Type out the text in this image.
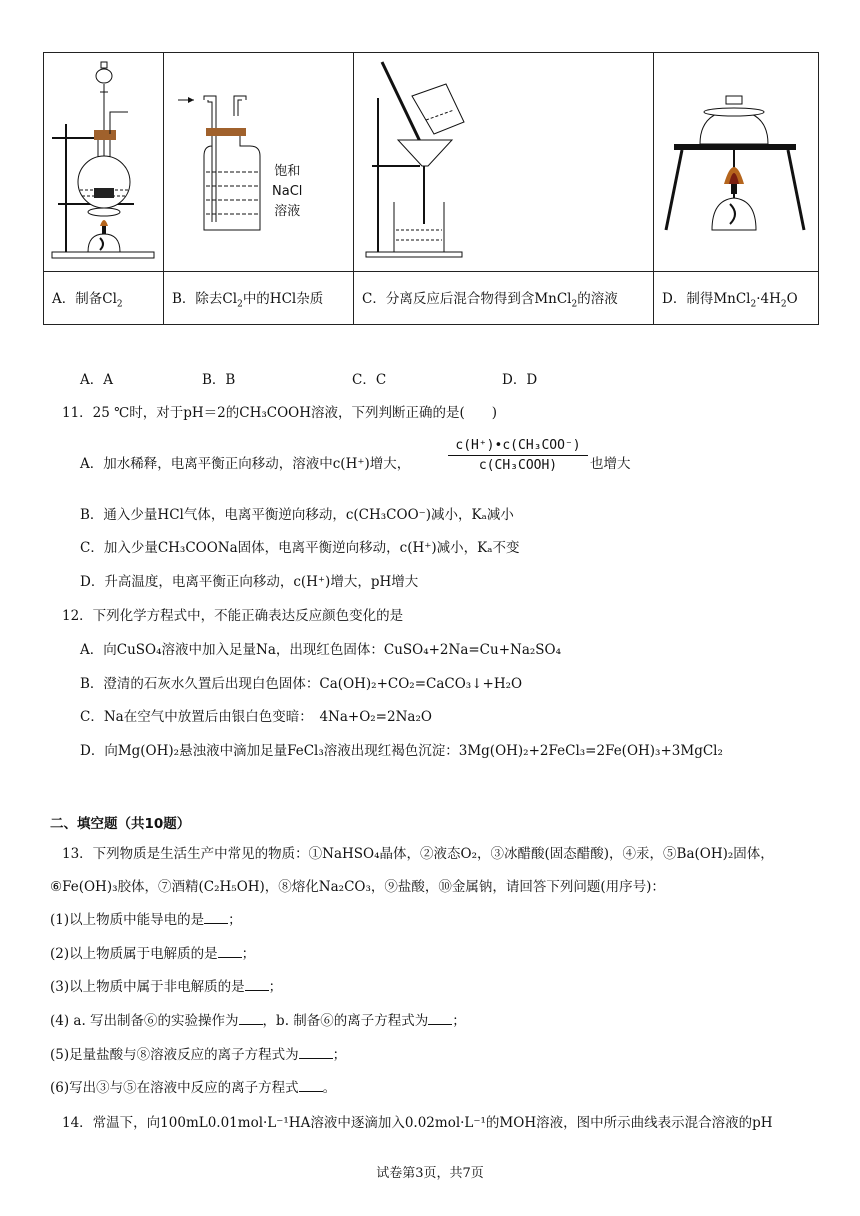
饱和
NaCl
溶液

A．制备$Cl_2$	B．除去$Cl_2$中的HCl杂质	C．分离反应后混合物得到含MnCl$_2$的溶液	D．制得$MnCl_2\cdot 4H_2O$
A．A	B．B	C．C	D．D
11．25 ℃时，对于pH＝2的CH₃COOH溶液，下列判断正确的是(　　)
A．加水稀释，电离平衡正向移动，溶液中c(H⁺)增大，
c(H⁺)•c(CH₃COO⁻)
c(CH₃COOH)	也增大
B．通入少量HCl气体，电离平衡逆向移动，c(CH₃COO⁻)减小，Kₐ减小
C．加入少量CH₃COONa固体，电离平衡逆向移动，c(H⁺)减小，Kₐ不变
D．升高温度，电离平衡正向移动，c(H⁺)增大，pH增大
12．下列化学方程式中，不能正确表达反应颜色变化的是
A．向CuSO₄溶液中加入足量Na，出现红色固体：CuSO₄+2Na=Cu+Na₂SO₄
B．澄清的石灰水久置后出现白色固体：Ca(OH)₂+CO₂=CaCO₃↓+H₂O
C．Na在空气中放置后由银白色变暗：　4Na+O₂=2Na₂O
D．向Mg(OH)₂悬浊液中滴加足量FeCl₃溶液出现红褐色沉淀：3Mg(OH)₂+2FeCl₃=2Fe(OH)₃+3MgCl₂
二、填空题（共10题）
13．下列物质是生活生产中常见的物质：①NaHSO₄晶体，②液态O₂，③冰醋酸(固态醋酸)，④汞，⑤Ba(OH)₂固体，
⑥Fe(OH)₃胶体，⑦酒精(C₂H₅OH)，⑧熔化Na₂CO₃，⑨盐酸，⑩金属钠，请回答下列问题(用序号)：
(1)以上物质中能导电的是 ；
(2)以上物质属于电解质的是 ；
(3)以上物质中属于非电解质的是 ；
(4) a. 写出制备⑥的实验操作为 ，b. 制备⑥的离子方程式为 ；
(5)足量盐酸与⑧溶液反应的离子方程式为	；
(6)写出③与⑤在溶液中反应的离子方程式 。
14．常温下，向100mL0.01mol·L⁻¹HA溶液中逐滴加入0.02mol·L⁻¹的MOH溶液，图中所示曲线表示混合溶液的pH
试卷第3页，共7页
